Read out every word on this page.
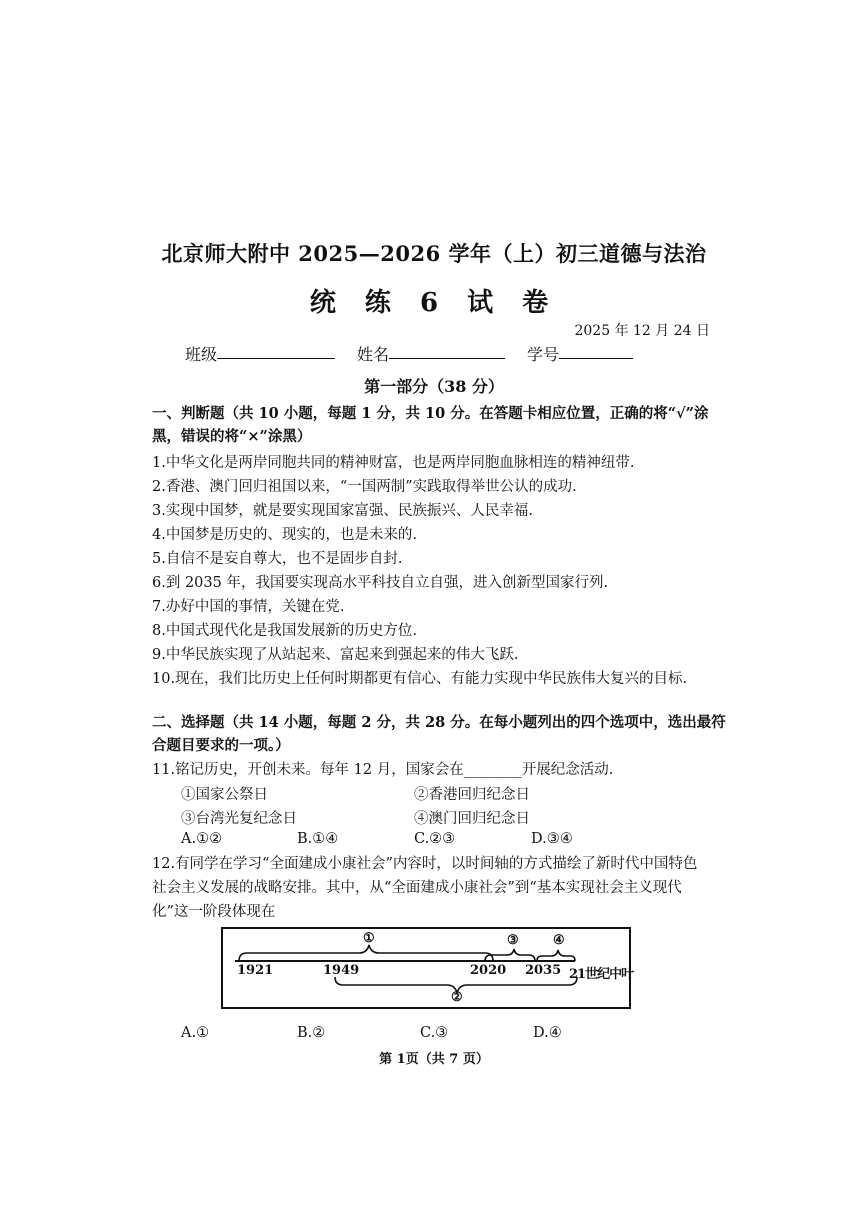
北京师大附中 2025—2026 学年（上）初三道德与法治
统 练 6 试 卷
2025 年 12 月 24 日
班级	姓名	学号
第一部分（38 分）
一、判断题（共 10 小题，每题 1 分，共 10 分。在答题卡相应位置，正确的将“√”涂
黑，错误的将“×”涂黑）
1.中华文化是两岸同胞共同的精神财富，也是两岸同胞血脉相连的精神纽带.
2.香港、澳门回归祖国以来，“一国两制”实践取得举世公认的成功.
3.实现中国梦，就是要实现国家富强、民族振兴、人民幸福.
4.中国梦是历史的、现实的，也是未来的.
5.自信不是妄自尊大，也不是固步自封.
6.到 2035 年，我国要实现高水平科技自立自强，进入创新型国家行列.
7.办好中国的事情，关键在党.
8.中国式现代化是我国发展新的历史方位.
9.中华民族实现了从站起来、富起来到强起来的伟大飞跃.
10.现在，我们比历史上任何时期都更有信心、有能力实现中华民族伟大复兴的目标.
二、选择题（共 14 小题，每题 2 分，共 28 分。在每小题列出的四个选项中，选出最符
合题目要求的一项。）
11.铭记历史，开创未来。每年 12 月，国家会在________开展纪念活动.
①国家公祭日	②香港回归纪念日
③台湾光复纪念日	④澳门回归纪念日
A.①②	B.①④	C.②③	D.③④
12.有同学在学习“全面建成小康社会”内容时，以时间轴的方式描绘了新时代中国特色
社会主义发展的战略安排。其中，从“全面建成小康社会”到“基本实现社会主义现代
化”这一阶段体现在
①
②
③	④
1921	1949	2020 2035 21世纪中叶
A.①	B.②	C.③	D.④
第 1页（共 7 页）
